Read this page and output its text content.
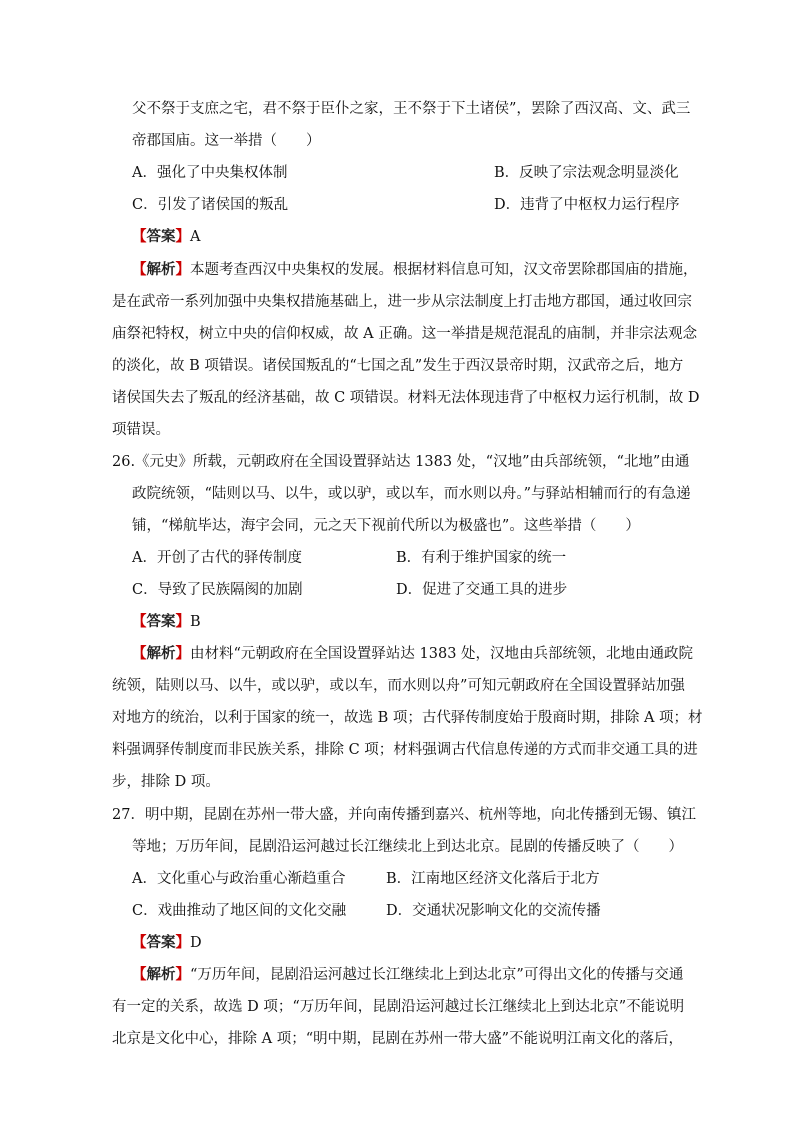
父不祭于支庶之宅，君不祭于臣仆之家，王不祭于下土诸侯”，罢除了西汉高、文、武三
帝郡国庙。这一举措（　　）
A．强化了中央集权体制	B．反映了宗法观念明显淡化
C．引发了诸侯国的叛乱	D．违背了中枢权力运行程序
【答案】A
【解析】本题考查西汉中央集权的发展。根据材料信息可知，汉文帝罢除郡国庙的措施，
是在武帝一系列加强中央集权措施基础上，进一步从宗法制度上打击地方郡国，通过收回宗
庙祭祀特权，树立中央的信仰权威，故 A 正确。这一举措是规范混乱的庙制，并非宗法观念
的淡化，故 B 项错误。诸侯国叛乱的“七国之乱”发生于西汉景帝时期，汉武帝之后，地方
诸侯国失去了叛乱的经济基础，故 C 项错误。材料无法体现违背了中枢权力运行机制，故 D
项错误。
26.《元史》所载，元朝政府在全国设置驿站达 1383 处，“汉地”由兵部统领，“北地”由通
政院统领，“陆则以马、以牛，或以驴，或以车，而水则以舟。”与驿站相辅而行的有急递
铺，“梯航毕达，海宇会同，元之天下视前代所以为极盛也”。这些举措（　　）
A．开创了古代的驿传制度	B．有利于维护国家的统一
C．导致了民族隔阂的加剧	D．促进了交通工具的进步
【答案】B
【解析】由材料“元朝政府在全国设置驿站达 1383 处，汉地由兵部统领，北地由通政院
统领，陆则以马、以牛，或以驴，或以车，而水则以舟”可知元朝政府在全国设置驿站加强
对地方的统治，以利于国家的统一，故选 B 项；古代驿传制度始于殷商时期，排除 A 项；材
料强调驿传制度而非民族关系，排除 C 项；材料强调古代信息传递的方式而非交通工具的进
步，排除 D 项。
27．明中期，昆剧在苏州一带大盛，并向南传播到嘉兴、杭州等地，向北传播到无锡、镇江
等地；万历年间，昆剧沿运河越过长江继续北上到达北京。昆剧的传播反映了（　　）
A．文化重心与政治重心渐趋重合	B．江南地区经济文化落后于北方
C．戏曲推动了地区间的文化交融	D．交通状况影响文化的交流传播
【答案】D
【解析】“万历年间，昆剧沿运河越过长江继续北上到达北京”可得出文化的传播与交通
有一定的关系，故选 D 项；“万历年间，昆剧沿运河越过长江继续北上到达北京”不能说明
北京是文化中心，排除 A 项；“明中期，昆剧在苏州一带大盛”不能说明江南文化的落后，
